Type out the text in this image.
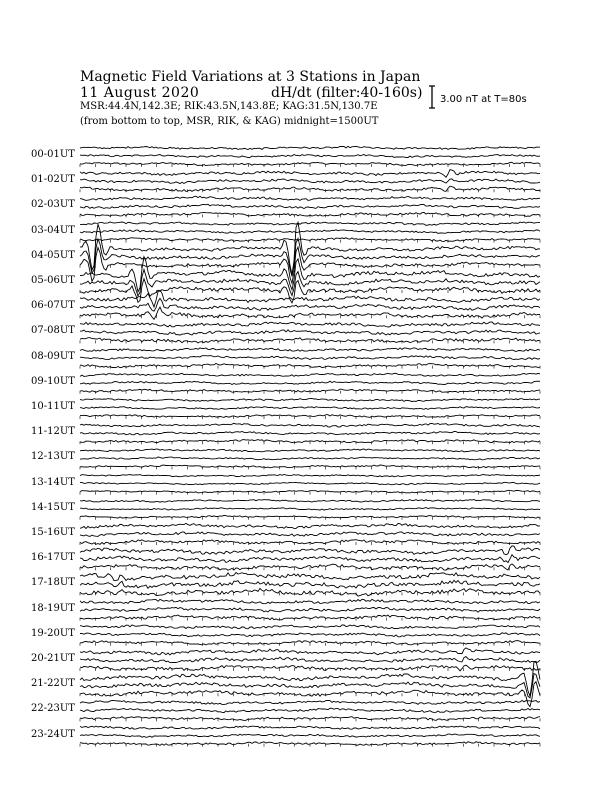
Magnetic Field Variations at 3 Stations in Japan
11 August 2020	dH/dt (filter:40-160s)
MSR:44.4N,142.3E; RIK:43.5N,143.8E; KAG:31.5N,130.7E
(from bottom to top, MSR, RIK, & KAG) midnight=1500UT
3.00 nT at T=80s
00-01UT
01-02UT
02-03UT
03-04UT
04-05UT
05-06UT
06-07UT
07-08UT
08-09UT
09-10UT
10-11UT
11-12UT
12-13UT
13-14UT
14-15UT
15-16UT
16-17UT
17-18UT
18-19UT
19-20UT
20-21UT
21-22UT
22-23UT
23-24UT
